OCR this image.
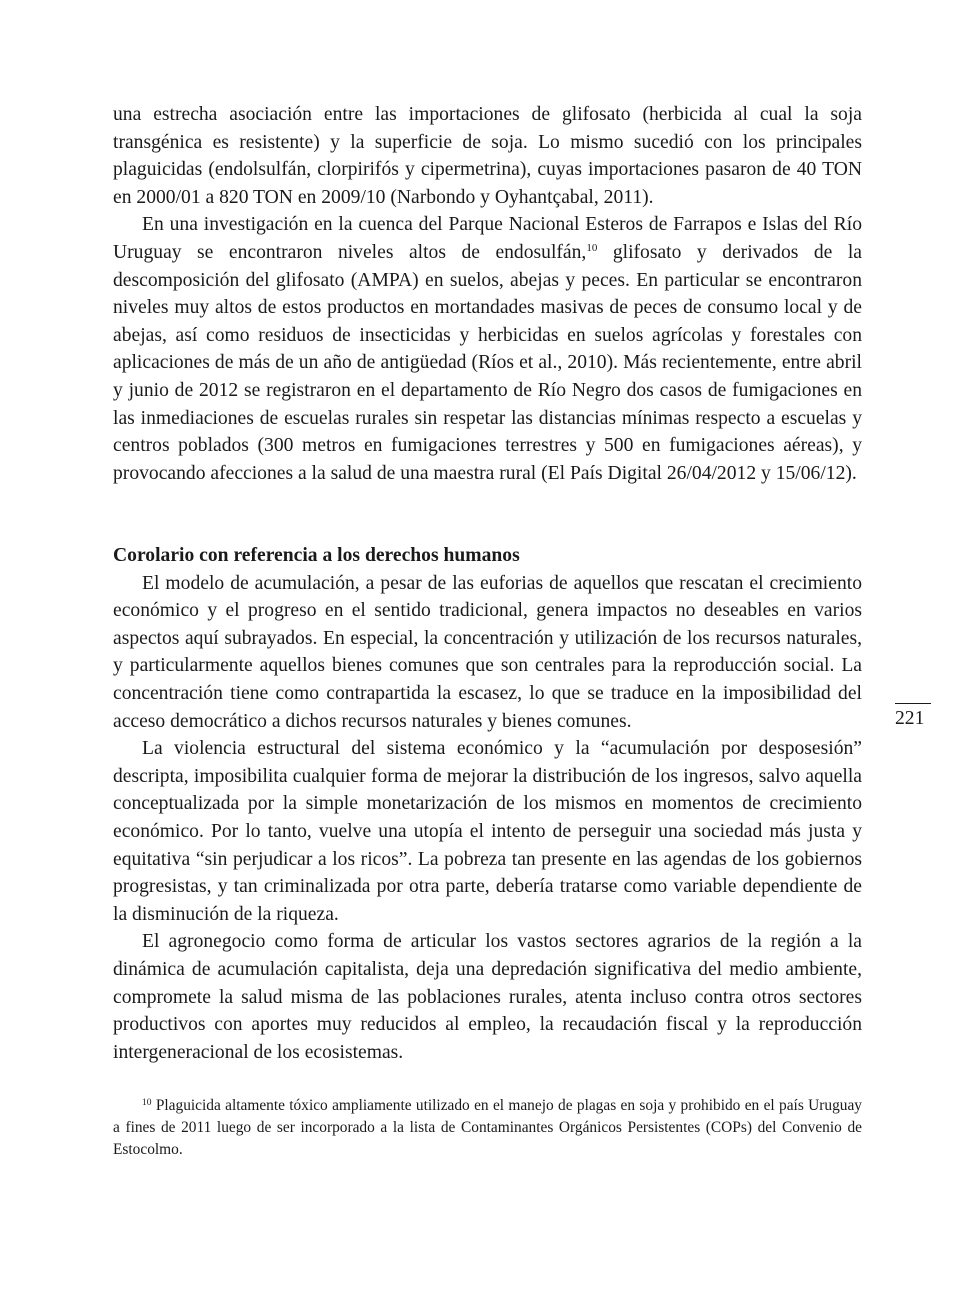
una estrecha asociación entre las importaciones de glifosato (herbicida al cual la soja transgénica es resistente) y la superficie de soja. Lo mismo sucedió con los principales plaguicidas (endolsulfán, clorpirifós y cipermetrina), cuyas importaciones pasaron de 40 TON en 2000/01 a 820 TON en 2009/10 (Narbondo y Oyhantçabal, 2011).

En una investigación en la cuenca del Parque Nacional Esteros de Farrapos e Islas del Río Uruguay se encontraron niveles altos de endosulfán,$^{10}$ glifosato y derivados de la descomposición del glifosato (AMPA) en suelos, abejas y peces. En particular se encontraron niveles muy altos de estos productos en mortandades masivas de peces de consumo local y de abejas, así como residuos de insecticidas y herbicidas en suelos agrícolas y forestales con aplicaciones de más de un año de antigüedad (Ríos et al., 2010). Más recientemente, entre abril y junio de 2012 se registraron en el departamento de Río Negro dos casos de fumigaciones en las inmediaciones de escuelas rurales sin respetar las distancias mínimas respecto a escuelas y centros poblados (300 metros en fumigaciones terrestres y 500 en fumigaciones aéreas), y provocando afecciones a la salud de una maestra rural (El País Digital 26/04/2012 y 15/06/12).

Corolario con referencia a los derechos humanos

El modelo de acumulación, a pesar de las euforias de aquellos que rescatan el crecimiento económico y el progreso en el sentido tradicional, genera impactos no deseables en varios aspectos aquí subrayados. En especial, la concentración y utilización de los recursos naturales, y particularmente aquellos bienes comunes que son centrales para la reproducción social. La concentración tiene como contrapartida la escasez, lo que se traduce en la imposibilidad del acceso democrático a dichos recursos naturales y bienes comunes.

La violencia estructural del sistema económico y la “acumulación por desposesión” descripta, imposibilita cualquier forma de mejorar la distribución de los ingresos, salvo aquella conceptualizada por la simple monetarización de los mismos en momentos de crecimiento económico. Por lo tanto, vuelve una utopía el intento de perseguir una sociedad más justa y equitativa “sin perjudicar a los ricos”. La pobreza tan presente en las agendas de los gobiernos progresistas, y tan criminalizada por otra parte, debería tratarse como variable dependiente de la disminución de la riqueza.

El agronegocio como forma de articular los vastos sectores agrarios de la región a la dinámica de acumulación capitalista, deja una depredación significativa del medio ambiente, compromete la salud misma de las poblaciones rurales, atenta incluso contra otros sectores productivos con aportes muy reducidos al empleo, la recaudación fiscal y la reproducción intergeneracional de los ecosistemas.

221
$^{10}$ Plaguicida altamente tóxico ampliamente utilizado en el manejo de plagas en soja y prohibido en el país Uruguay a fines de 2011 luego de ser incorporado a la lista de Contaminantes Orgánicos Persistentes (COPs) del Convenio de Estocolmo.
